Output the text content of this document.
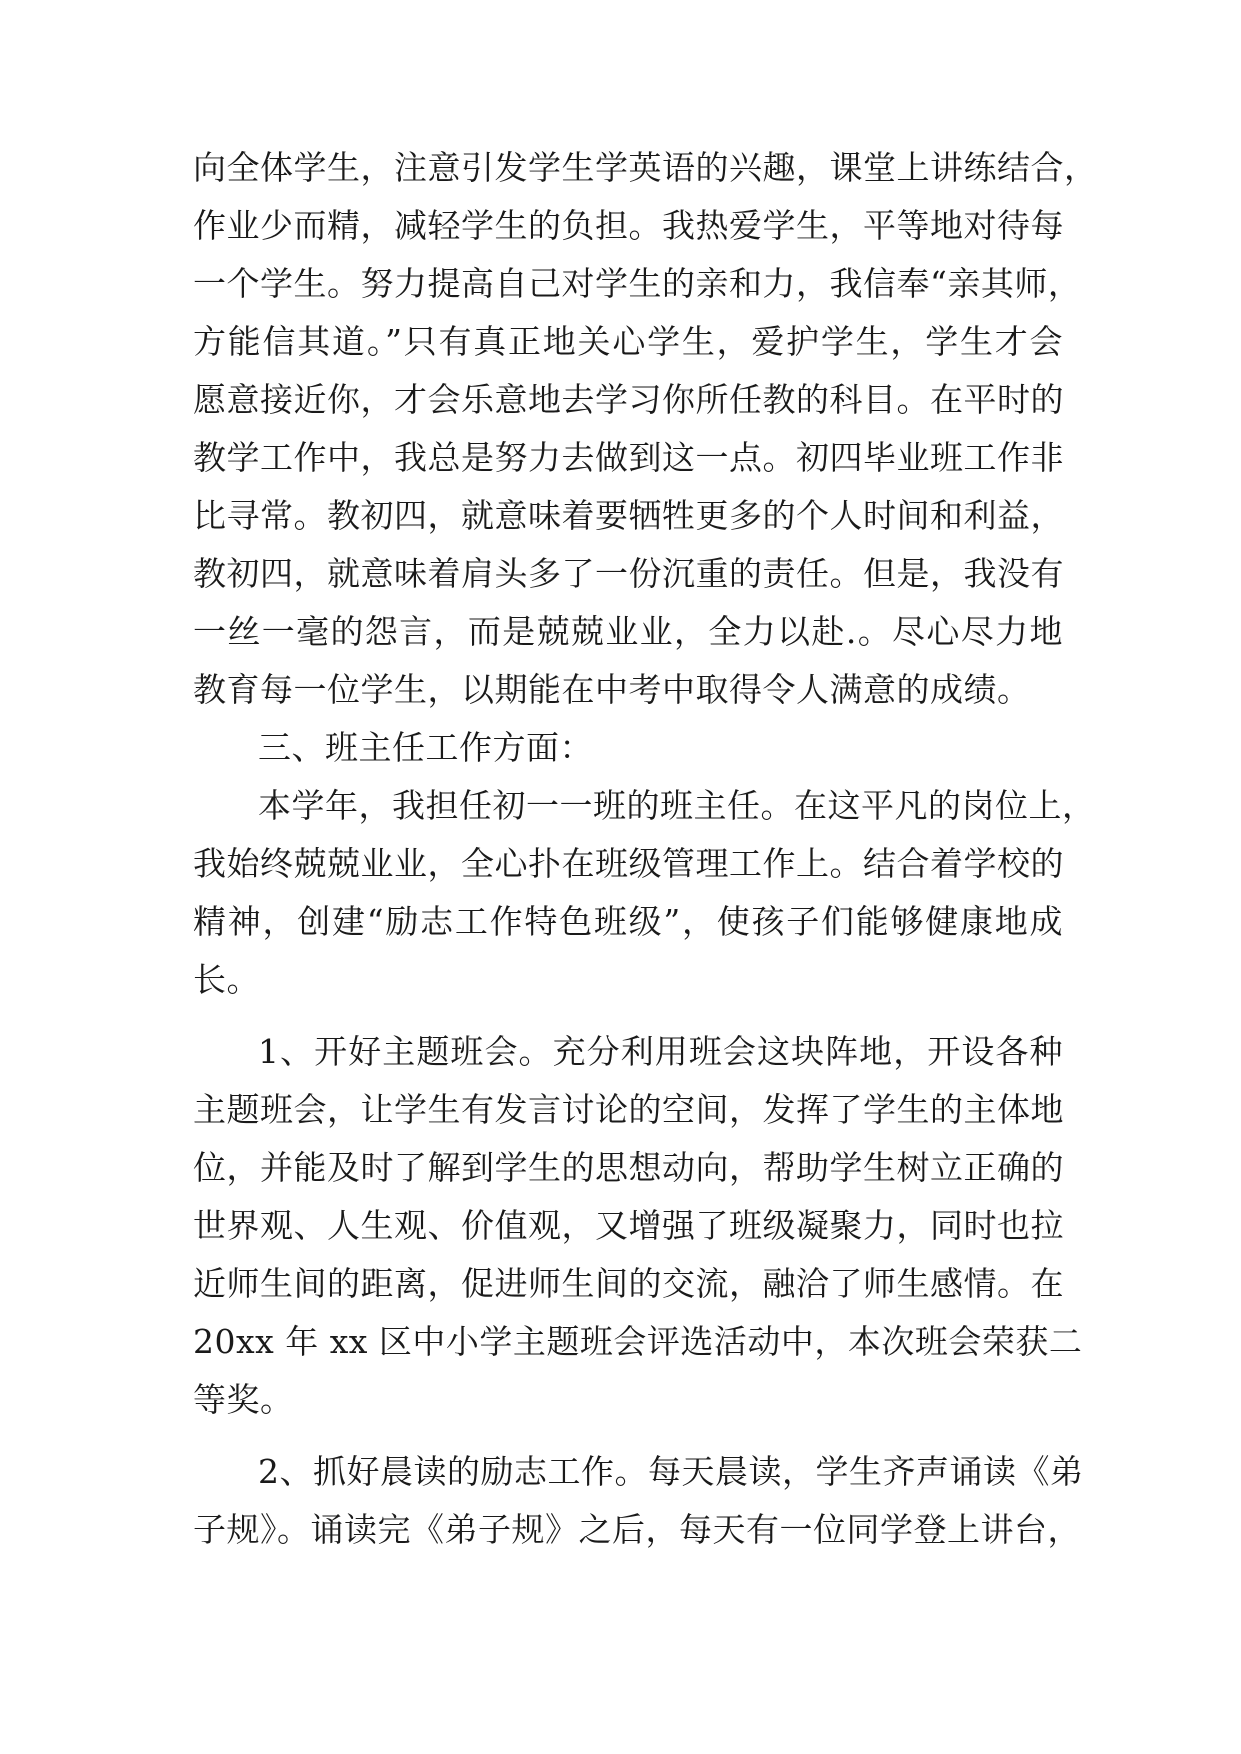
向全体学生，注意引发学生学英语的兴趣，课堂上讲练结合，
作业少而精，减轻学生的负担。我热爱学生，平等地对待每
一个学生。努力提高自己对学生的亲和力，我信奉“亲其师，
方能信其道。”只有真正地关心学生，爱护学生，学生才会
愿意接近你，才会乐意地去学习你所任教的科目。在平时的
教学工作中，我总是努力去做到这一点。初四毕业班工作非
比寻常。教初四，就意味着要牺牲更多的个人时间和利益，
教初四，就意味着肩头多了一份沉重的责任。但是，我没有
一丝一毫的怨言，而是兢兢业业，全力以赴.。尽心尽力地
教育每一位学生，以期能在中考中取得令人满意的成绩。
三、班主任工作方面：
本学年，我担任初一一班的班主任。在这平凡的岗位上，
我始终兢兢业业，全心扑在班级管理工作上。结合着学校的
精神，创建“励志工作特色班级”，使孩子们能够健康地成
长。
1、开好主题班会。充分利用班会这块阵地，开设各种
主题班会，让学生有发言讨论的空间，发挥了学生的主体地
位，并能及时了解到学生的思想动向，帮助学生树立正确的
世界观、人生观、价值观，又增强了班级凝聚力，同时也拉
近师生间的距离，促进师生间的交流，融洽了师生感情。在
20xx 年 xx 区中小学主题班会评选活动中，本次班会荣获二
等奖。
2、抓好晨读的励志工作。每天晨读，学生齐声诵读《弟
子规》。诵读完《弟子规》之后，每天有一位同学登上讲台，
